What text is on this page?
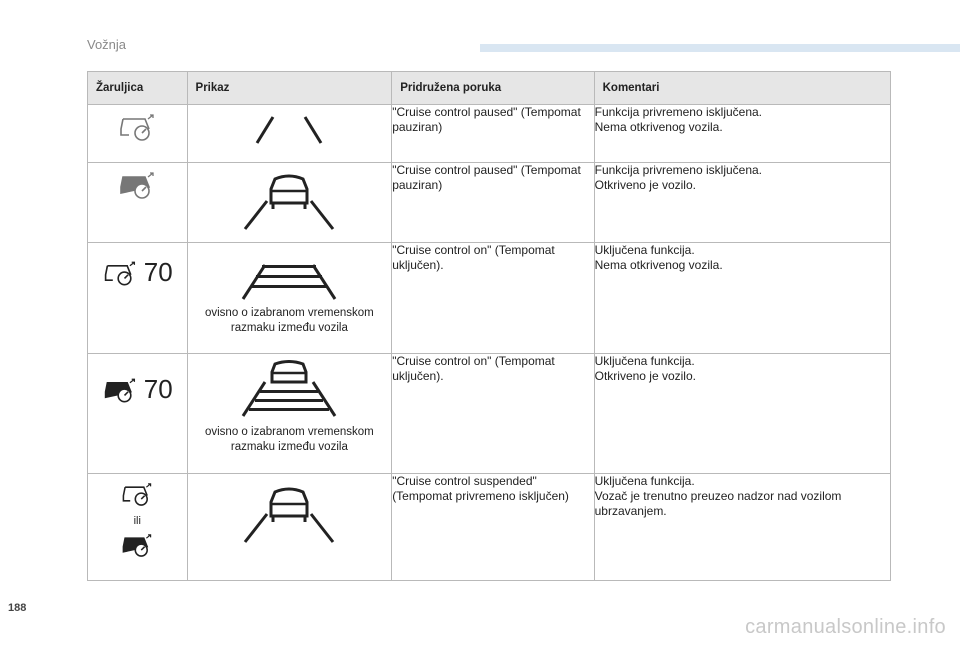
Vožnja
Žaruljica	Prikaz	Pridružena poruka	Komentari
		"Cruise control paused" (Tempomat pauziran)	Funkcija privremeno isključena.
Nema otkrivenog vozila.

		"Cruise control paused" (Tempomat pauziran)	Funkcija privremeno isključena.
Otkriveno je vozilo.

70	ovisno o izabranom vremenskom
razmaku između vozila	"Cruise control on" (Tempomat uključen).	Uključena funkcija.
Nema otkrivenog vozila.

70	ovisno o izabranom vremenskom
razmaku između vozila	"Cruise control on" (Tempomat uključen).	Uključena funkcija.
Otkriveno je vozilo.

ili		"Cruise control suspended" (Tempomat privremeno isključen)	Uključena funkcija.
Vozač je trenutno preuzeo nadzor nad vozilom ubrzavanjem.
188
carmanualsonline.info
